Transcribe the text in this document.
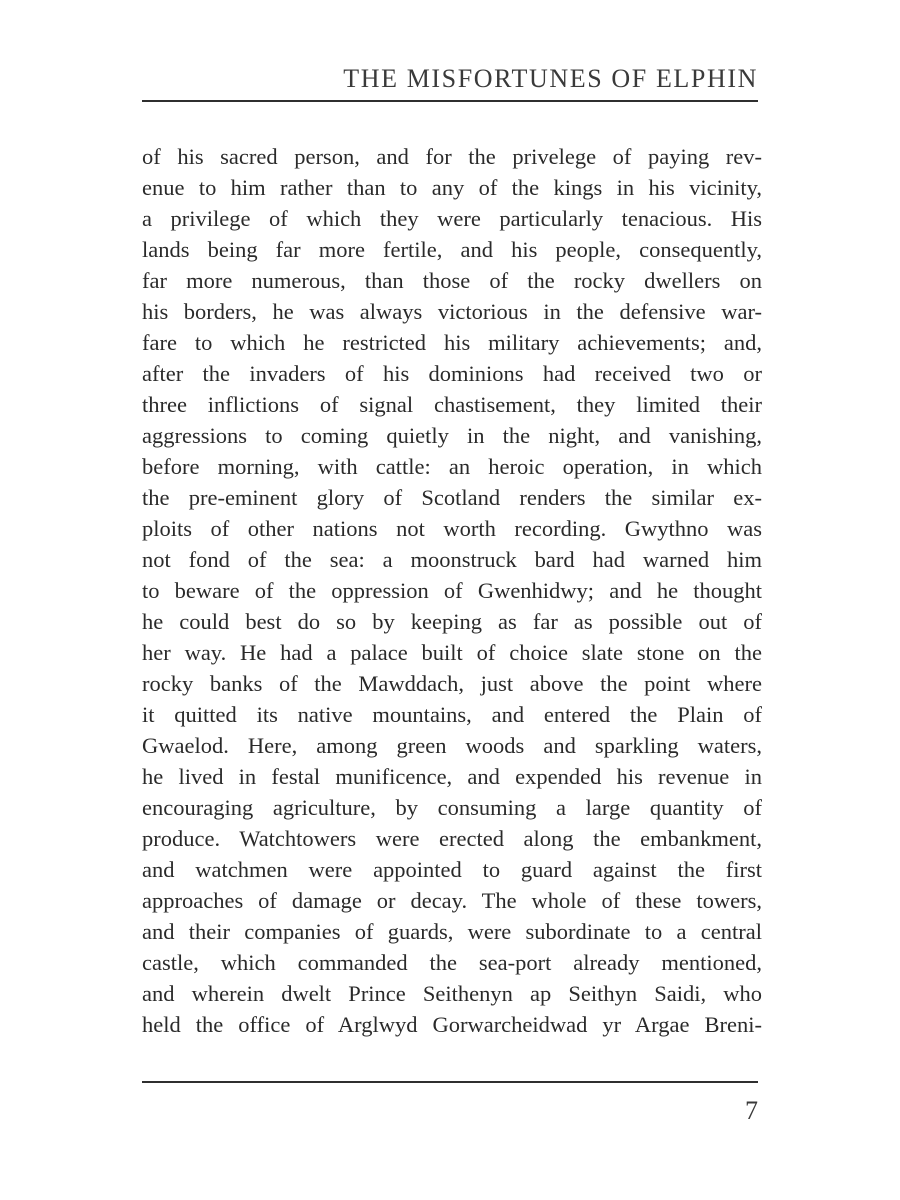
THE MISFORTUNES OF ELPHIN
of his sacred person, and for the privelege of paying rev-
enue to him rather than to any of the kings in his vicinity,
a privilege of which they were particularly tenacious. His
lands being far more fertile, and his people, consequently,
far more numerous, than those of the rocky dwellers on
his borders, he was always victorious in the defensive war-
fare to which he restricted his military achievements; and,
after the invaders of his dominions had received two or
three inflictions of signal chastisement, they limited their
aggressions to coming quietly in the night, and vanishing,
before morning, with cattle: an heroic operation, in which
the pre-eminent glory of Scotland renders the similar ex-
ploits of other nations not worth recording. Gwythno was
not fond of the sea: a moonstruck bard had warned him
to beware of the oppression of Gwenhidwy; and he thought
he could best do so by keeping as far as possible out of
her way. He had a palace built of choice slate stone on the
rocky banks of the Mawddach, just above the point where
it quitted its native mountains, and entered the Plain of
Gwaelod. Here, among green woods and sparkling waters,
he lived in festal munificence, and expended his revenue in
encouraging agriculture, by consuming a large quantity of
produce. Watchtowers were erected along the embankment,
and watchmen were appointed to guard against the first
approaches of damage or decay. The whole of these towers,
and their companies of guards, were subordinate to a central
castle, which commanded the sea-port already mentioned,
and wherein dwelt Prince Seithenyn ap Seithyn Saidi, who
held the office of Arglwyd Gorwarcheidwad yr Argae Breni-
7
